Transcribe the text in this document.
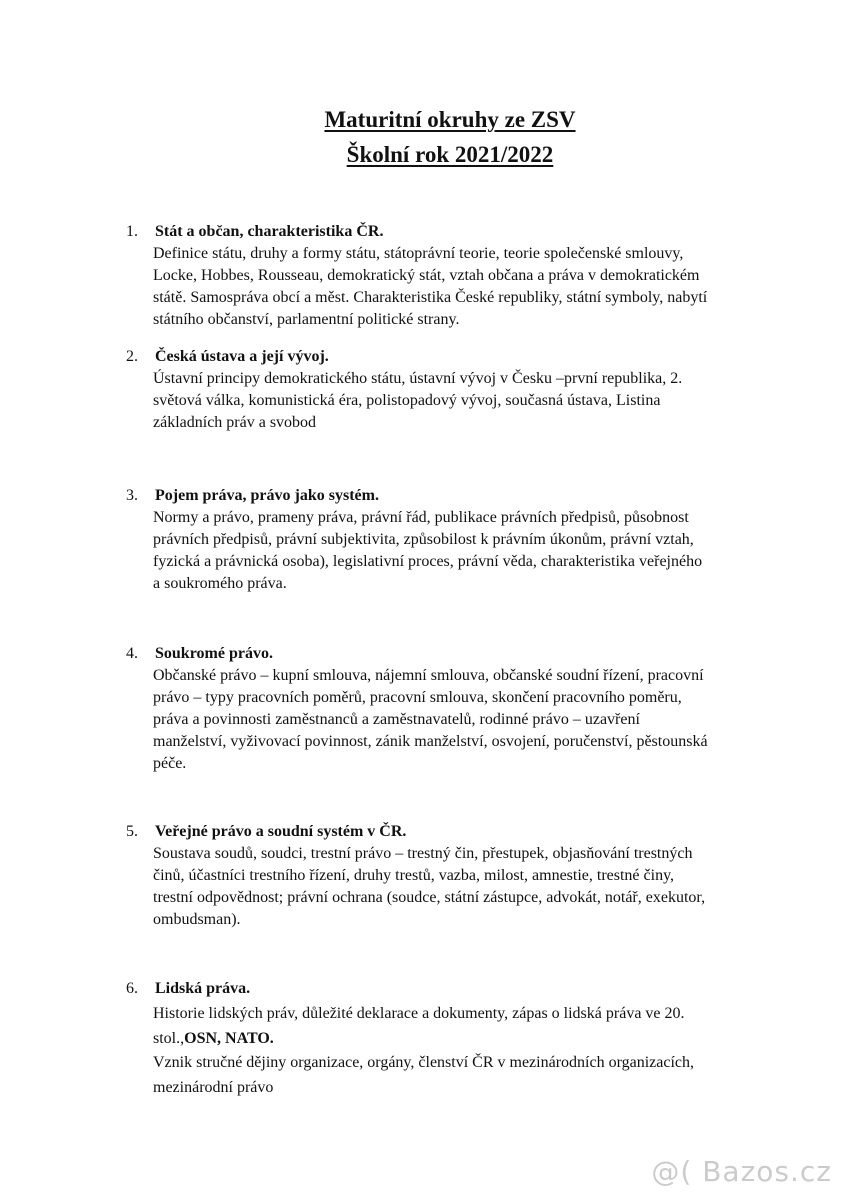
Maturitní okruhy ze ZSV
Školní rok 2021/2022
1. Stát a občan, charakteristika ČR.
Definice státu, druhy a formy státu, státoprávní teorie, teorie společenské smlouvy,
Locke, Hobbes, Rousseau, demokratický stát, vztah občana a práva v demokratickém
státě. Samospráva obcí a měst. Charakteristika České republiky, státní symboly, nabytí
státního občanství, parlamentní politické strany.
2. Česká ústava a její vývoj.
Ústavní principy demokratického státu, ústavní vývoj v Česku –první republika, 2.
světová válka, komunistická éra, polistopadový vývoj, současná ústava, Listina
základních práv a svobod
3. Pojem práva, právo jako systém.
Normy a právo, prameny práva, právní řád, publikace právních předpisů, působnost
právních předpisů, právní subjektivita, způsobilost k právním úkonům, právní vztah,
fyzická a právnická osoba), legislativní proces, právní věda, charakteristika veřejného
a soukromého práva.
4. Soukromé právo.
Občanské právo – kupní smlouva, nájemní smlouva, občanské soudní řízení, pracovní
právo – typy pracovních poměrů, pracovní smlouva, skončení pracovního poměru,
práva a povinnosti zaměstnanců a zaměstnavatelů, rodinné právo – uzavření
manželství, vyživovací povinnost, zánik manželství, osvojení, poručenství, pěstounská
péče.
5. Veřejné právo a soudní systém v ČR.
Soustava soudů, soudci, trestní právo – trestný čin, přestupek, objasňování trestných
činů, účastníci trestního řízení, druhy trestů, vazba, milost, amnestie, trestné činy,
trestní odpovědnost; právní ochrana (soudce, státní zástupce, advokát, notář, exekutor,
ombudsman).
6. Lidská práva.
Historie lidských práv, důležité deklarace a dokumenty, zápas o lidská práva ve 20.
stol.,OSN, NATO.
Vznik stručné dějiny organizace, orgány, členství ČR v mezinárodních organizacích,
mezinárodní právo
@( Bazos.cz
